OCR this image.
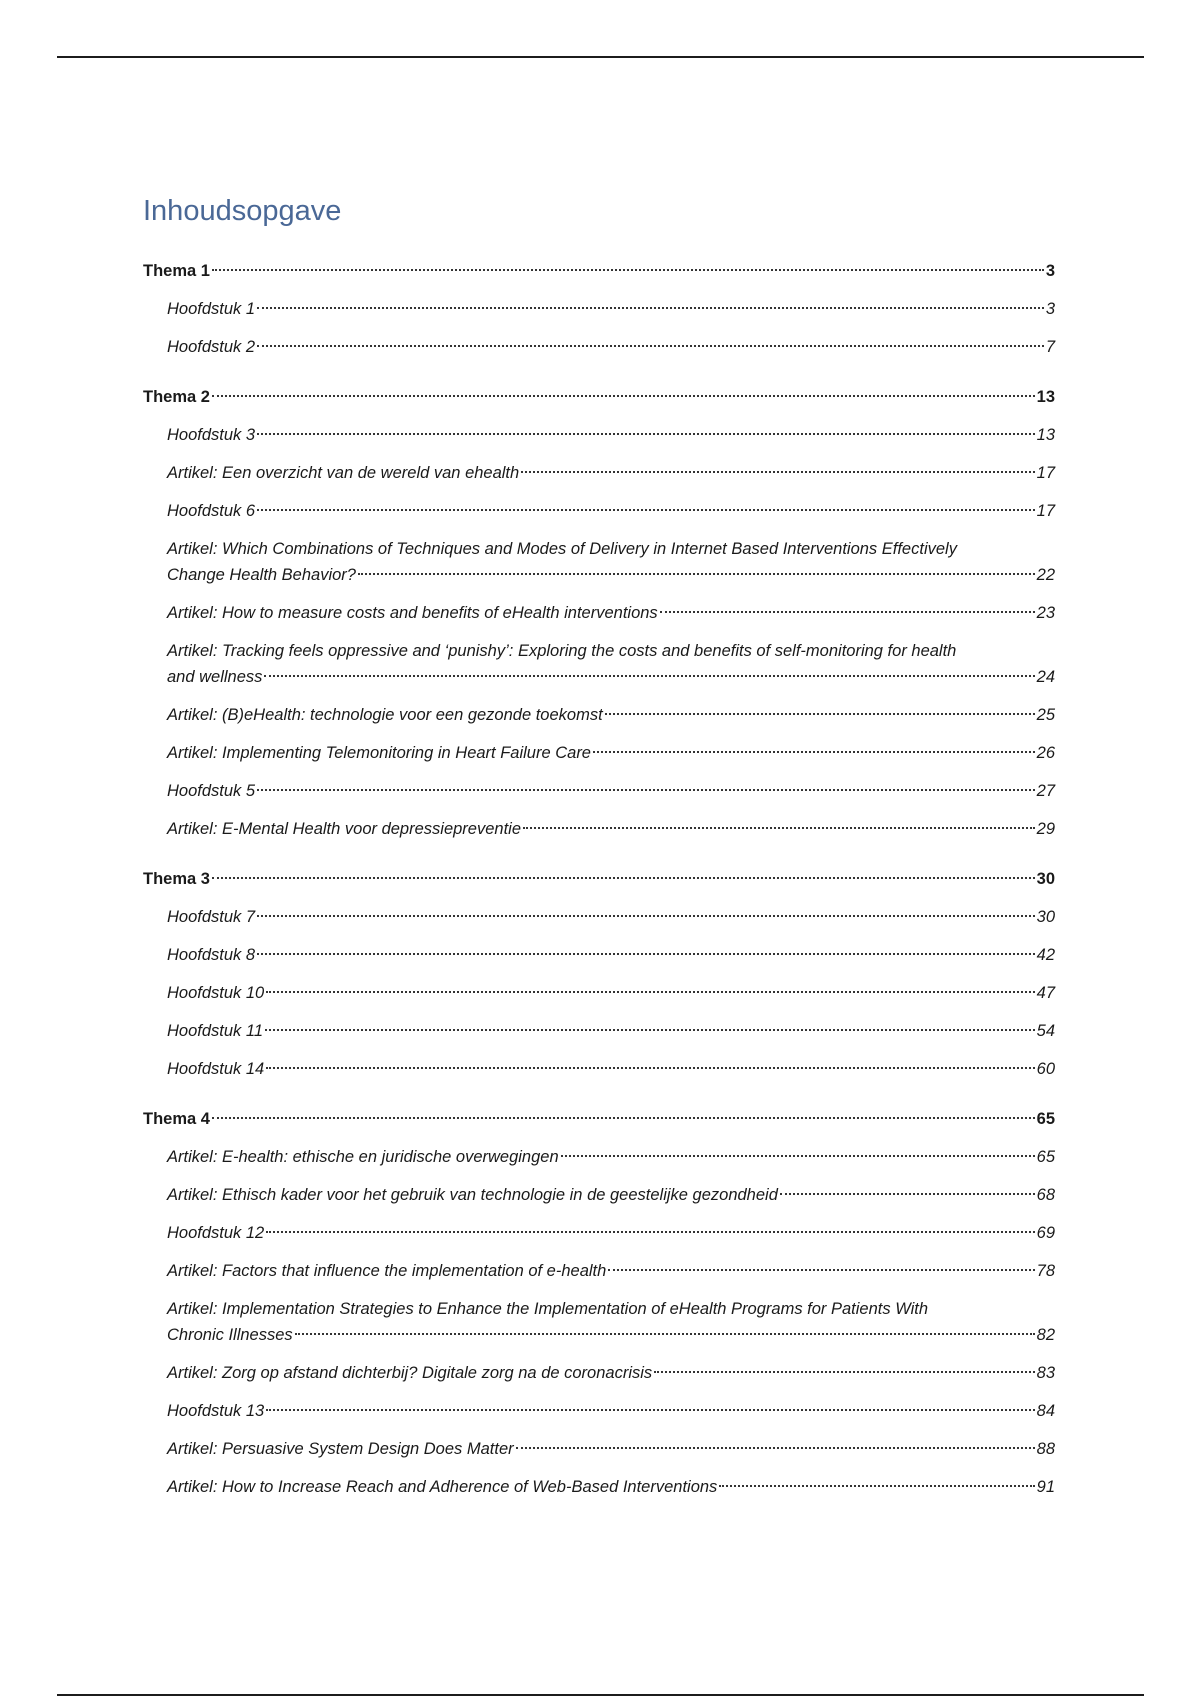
Inhoudsopgave
Thema 1	3
Hoofdstuk 1	3
Hoofdstuk 2	7
Thema 2	13
Hoofdstuk 3	13
Artikel: Een overzicht van de wereld van ehealth	17
Hoofdstuk 6	17
Artikel: Which Combinations of Techniques and Modes of Delivery in Internet Based Interventions Effectively
Change Health Behavior?	22
Artikel: How to measure costs and benefits of eHealth interventions	23
Artikel: Tracking feels oppressive and ‘punishy’: Exploring the costs and benefits of self-monitoring for health
and wellness	24
Artikel: (B)eHealth: technologie voor een gezonde toekomst	25
Artikel: Implementing Telemonitoring in Heart Failure Care	26
Hoofdstuk 5	27
Artikel: E-Mental Health voor depressiepreventie	29
Thema 3	30
Hoofdstuk 7	30
Hoofdstuk 8	42
Hoofdstuk 10	47
Hoofdstuk 11	54
Hoofdstuk 14	60
Thema 4	65
Artikel: E-health: ethische en juridische overwegingen	65
Artikel: Ethisch kader voor het gebruik van technologie in de geestelijke gezondheid	68
Hoofdstuk 12	69
Artikel: Factors that influence the implementation of e-health	78
Artikel: Implementation Strategies to Enhance the Implementation of eHealth Programs for Patients With
Chronic Illnesses	82
Artikel: Zorg op afstand dichterbij? Digitale zorg na de coronacrisis	83
Hoofdstuk 13	84
Artikel: Persuasive System Design Does Matter	88
Artikel: How to Increase Reach and Adherence of Web-Based Interventions	91
